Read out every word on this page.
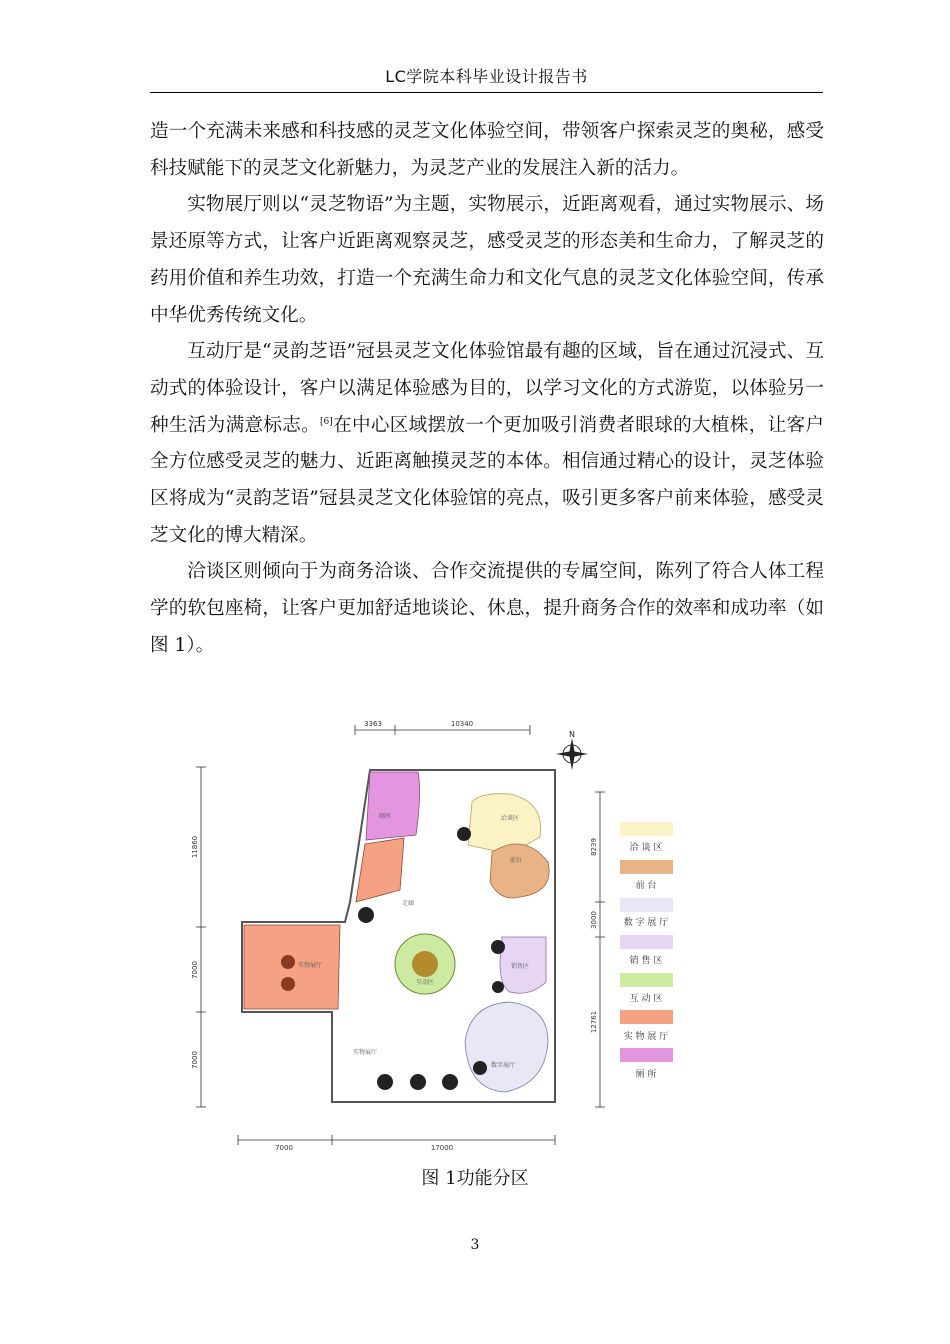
LC学院本科毕业设计报告书

造一个充满未来感和科技感的灵芝文化体验空间，带领客户探索灵芝的奥秘，感受科技赋能下的灵芝文化新魅力，为灵芝产业的发展注入新的活力。

实物展厅则以“灵芝物语”为主题，实物展示，近距离观看，通过实物展示、场景还原等方式，让客户近距离观察灵芝，感受灵芝的形态美和生命力，了解灵芝的药用价值和养生功效，打造一个充满生命力和文化气息的灵芝文化体验空间，传承中华优秀传统文化。

互动厅是“灵韵芝语”冠县灵芝文化体验馆最有趣的区域，旨在通过沉浸式、互动式的体验设计，客户以满足体验感为目的，以学习文化的方式游览，以体验另一种生活为满意标志。[6]在中心区域摆放一个更加吸引消费者眼球的大植株，让客户全方位感受灵芝的魅力、近距离触摸灵芝的本体。相信通过精心的设计，灵芝体验区将成为“灵韵芝语”冠县灵芝文化体验馆的亮点，吸引更多客户前来体验，感受灵芝文化的博大精深。

洽谈区则倾向于为商务洽谈、合作交流提供的专属空间，陈列了符合人体工程学的软包座椅，让客户更加舒适地谈论、休息，提升商务合作的效率和成功率（如图 1）。

3363	10340
7000	17000
11860
7000
7000
8239
3000
12761
N
厕所	洽谈区
前台
走廊
互动区
销售区
实物展厅
实物展厅
数字展厅
洽 谈 区
前 台
数 字 展 厅
销 售 区
互 动 区
实 物 展 厅
厕 所
图 1功能分区
3
